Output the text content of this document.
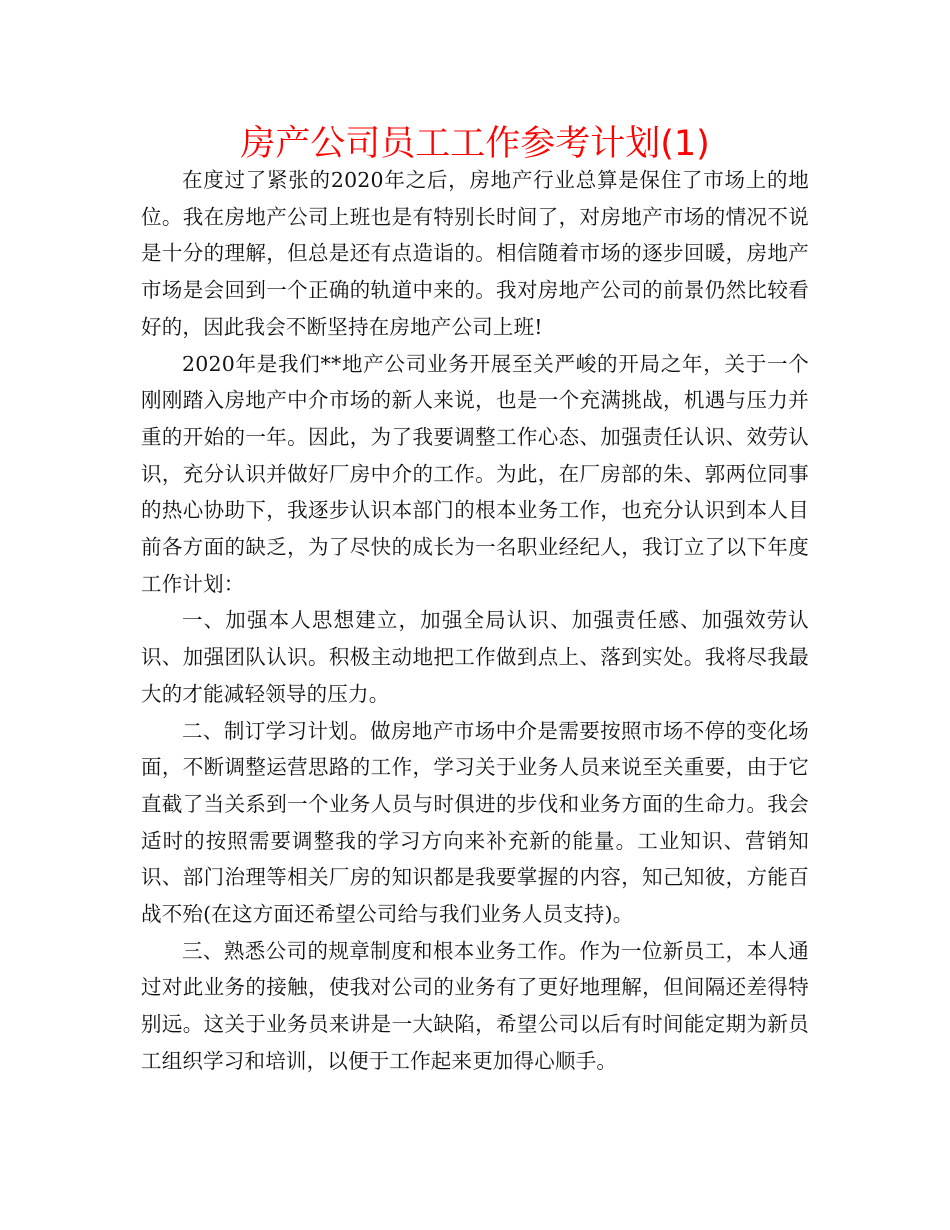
房产公司员工工作参考计划(1)

在度过了紧张的2020年之后，房地产行业总算是保住了市场上的地位。我在房地产公司上班也是有特别长时间了，对房地产市场的情况不说是十分的理解，但总是还有点造诣的。相信随着市场的逐步回暖，房地产市场是会回到一个正确的轨道中来的。我对房地产公司的前景仍然比较看好的，因此我会不断坚持在房地产公司上班!

2020年是我们**地产公司业务开展至关严峻的开局之年，关于一个刚刚踏入房地产中介市场的新人来说，也是一个充满挑战，机遇与压力并重的开始的一年。因此，为了我要调整工作心态、加强责任认识、效劳认识，充分认识并做好厂房中介的工作。为此，在厂房部的朱、郭两位同事的热心协助下，我逐步认识本部门的根本业务工作，也充分认识到本人目前各方面的缺乏，为了尽快的成长为一名职业经纪人，我订立了以下年度工作计划：

一、加强本人思想建立，加强全局认识、加强责任感、加强效劳认识、加强团队认识。积极主动地把工作做到点上、落到实处。我将尽我最大的才能减轻领导的压力。

二、制订学习计划。做房地产市场中介是需要按照市场不停的变化场面，不断调整运营思路的工作，学习关于业务人员来说至关重要，由于它直截了当关系到一个业务人员与时俱进的步伐和业务方面的生命力。我会适时的按照需要调整我的学习方向来补充新的能量。工业知识、营销知识、部门治理等相关厂房的知识都是我要掌握的内容，知己知彼，方能百战不殆(在这方面还希望公司给与我们业务人员支持)。

三、熟悉公司的规章制度和根本业务工作。作为一位新员工，本人通过对此业务的接触，使我对公司的业务有了更好地理解，但间隔还差得特别远。这关于业务员来讲是一大缺陷，希望公司以后有时间能定期为新员工组织学习和培训，以便于工作起来更加得心顺手。
